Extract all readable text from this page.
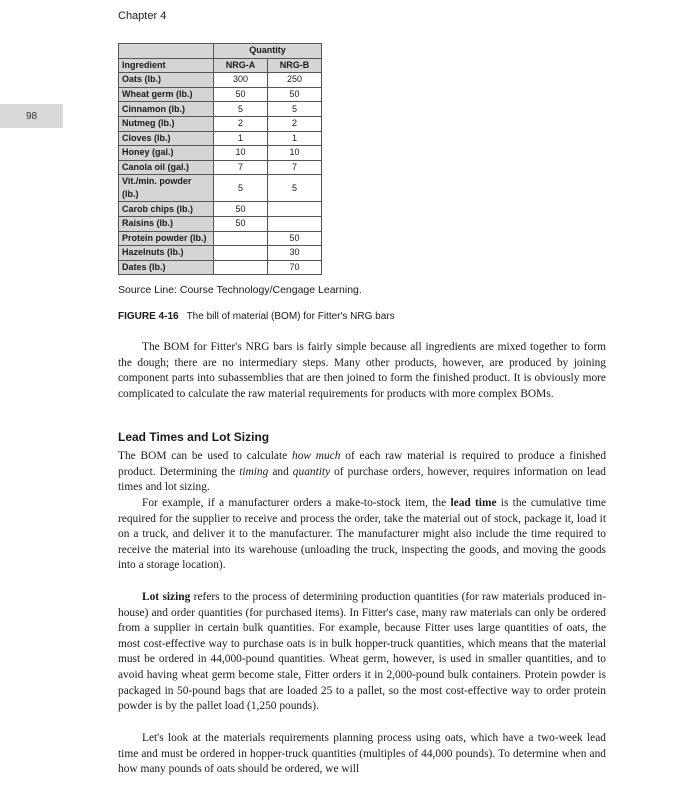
Chapter 4
98
	Quantity	
Ingredient	NRG-A	NRG-B
Oats (lb.)	300	250
Wheat germ (lb.)	50	50
Cinnamon (lb.)	5	5
Nutmeg (lb.)	2	2
Cloves (lb.)	1	1
Honey (gal.)	10	10
Canola oil (gal.)	7	7
Vit./min. powder (lb.)	5	5
Carob chips (lb.)	50	
Raisins (lb.)	50	
Protein powder (lb.)		50
Hazelnuts (lb.)		30
Dates (lb.)		70
Source Line: Course Technology/Cengage Learning.
FIGURE 4-16 The bill of material (BOM) for Fitter's NRG bars

The BOM for Fitter's NRG bars is fairly simple because all ingredients are mixed together to form the dough; there are no intermediary steps. Many other products, however, are produced by joining component parts into subassemblies that are then joined to form the finished product. It is obviously more complicated to calculate the raw material requirements for products with more complex BOMs.

Lead Times and Lot Sizing

The BOM can be used to calculate how much of each raw material is required to produce a finished product. Determining the timing and quantity of purchase orders, however, requires information on lead times and lot sizing.

For example, if a manufacturer orders a make-to-stock item, the lead time is the cumulative time required for the supplier to receive and process the order, take the material out of stock, package it, load it on a truck, and deliver it to the manufacturer. The manufacturer might also include the time required to receive the material into its warehouse (unloading the truck, inspecting the goods, and moving the goods into a storage location).

Lot sizing refers to the process of determining production quantities (for raw materials produced in-house) and order quantities (for purchased items). In Fitter's case, many raw materials can only be ordered from a supplier in certain bulk quantities. For example, because Fitter uses large quantities of oats, the most cost-effective way to purchase oats is in bulk hopper-truck quantities, which means that the material must be ordered in 44,000-pound quantities. Wheat germ, however, is used in smaller quantities, and to avoid having wheat germ become stale, Fitter orders it in 2,000-pound bulk containers. Protein powder is packaged in 50-pound bags that are loaded 25 to a pallet, so the most cost-effective way to order protein powder is by the pallet load (1,250 pounds).

Let's look at the materials requirements planning process using oats, which have a two-week lead time and must be ordered in hopper-truck quantities (multiples of 44,000 pounds). To determine when and how many pounds of oats should be ordered, we will
